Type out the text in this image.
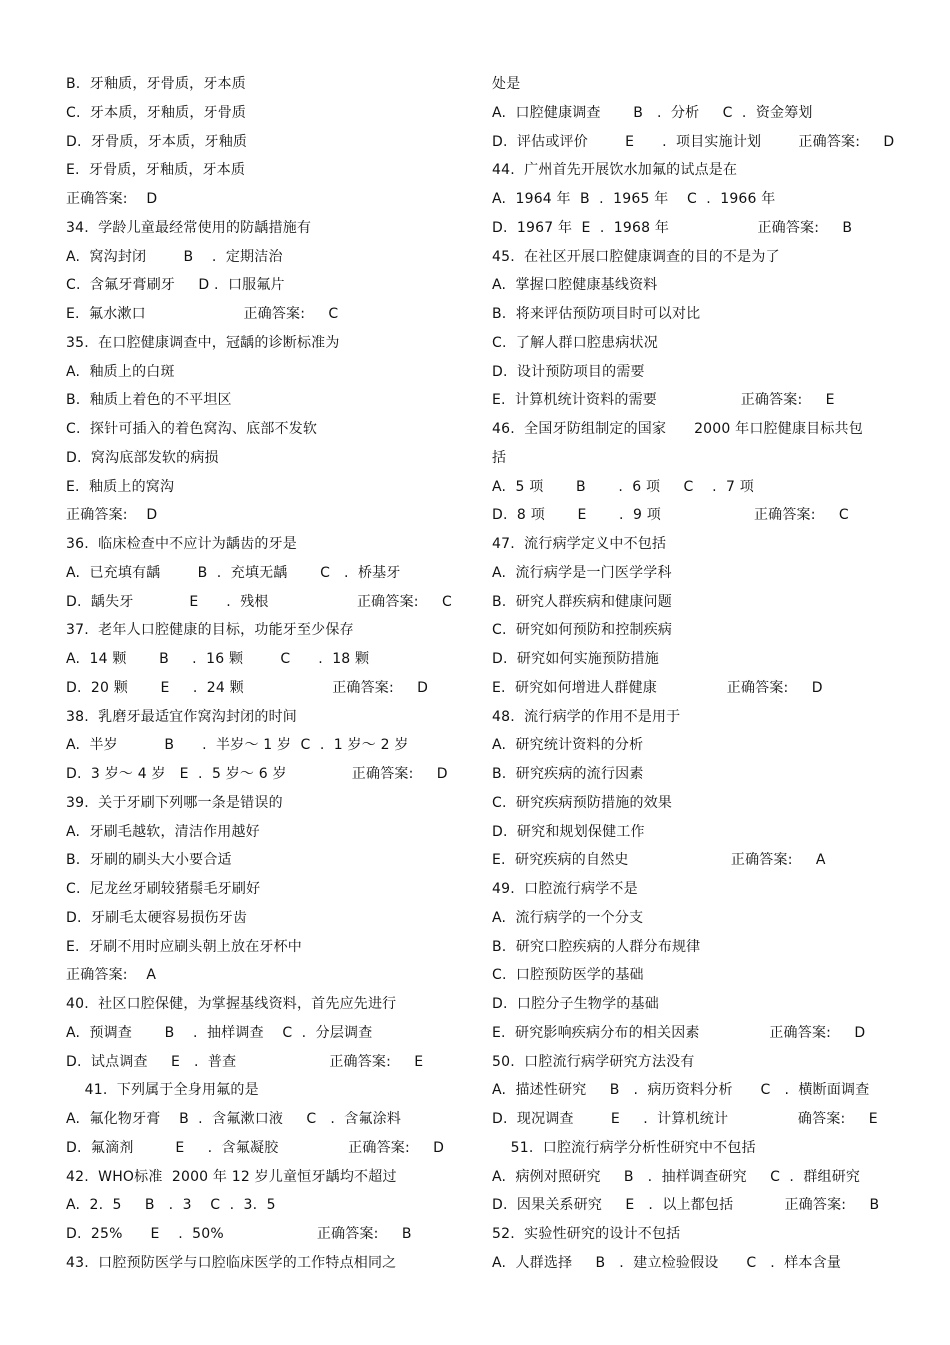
B.  牙釉质，牙骨质，牙本质
C.  牙本质，牙釉质，牙骨质
D.  牙骨质，牙本质，牙釉质
E.  牙骨质，牙釉质，牙本质
正确答案:    D
34.  学龄儿童最经常使用的防龋措施有
A.  窝沟封闭        B    .  定期洁治
C.  含氟牙膏刷牙     D .  口服氟片
E.  氟水漱口                     正确答案:     C
35.  在口腔健康调查中，冠龋的诊断标准为
A.  釉质上的白斑
B.  釉质上着色的不平坦区
C.  探针可插入的着色窝沟、底部不发软
D.  窝沟底部发软的病损
E.  釉质上的窝沟
正确答案:    D
36.  临床检查中不应计为龋齿的牙是
A.  已充填有龋        B  .  充填无龋       C   .  桥基牙
D.  龋失牙            E      .  残根                   正确答案:     C
37.  老年人口腔健康的目标，功能牙至少保存
A.  14 颗       B     .  16 颗        C      .  18 颗
D.  20 颗       E     .  24 颗                   正确答案:     D
38.  乳磨牙最适宜作窝沟封闭的时间
A.  半岁          B      .  半岁～ 1 岁  C  .  1 岁～ 2 岁
D.  3 岁～ 4 岁   E  .  5 岁～ 6 岁              正确答案:     D
39.  关于牙刷下列哪一条是错误的
A.  牙刷毛越软，清洁作用越好
B.  牙刷的刷头大小要合适
C.  尼龙丝牙刷较猪鬃毛牙刷好
D.  牙刷毛太硬容易损伤牙齿
E.  牙刷不用时应刷头朝上放在牙杯中
正确答案:    A
40.  社区口腔保健，为掌握基线资料，首先应先进行
A.  预调查       B    .  抽样调查    C  .  分层调查
D.  试点调查     E   .  普查                    正确答案:     E
41.  下列属于全身用氟的是
A.  氟化物牙膏    B  .  含氟漱口液     C   .  含氟涂料
D.  氟滴剂         E     .  含氟凝胶               正确答案:     D
42.  WHO标准  2000 年 12 岁儿童恒牙龋均不超过
A.  2.  5     B   .  3    C  .  3.  5
D.  25%      E    .  50%                    正确答案:     B
43.  口腔预防医学与口腔临床医学的工作特点相同之
处是
A.  口腔健康调查       B   .  分析     C  .  资金筹划
D.  评估或评价        E      .  项目实施计划        正确答案:     D
44.  广州首先开展饮水加氟的试点是在
A.  1964 年  B  .  1965 年    C  .  1966 年
D.  1967 年  E  .  1968 年                   正确答案:     B
45.  在社区开展口腔健康调查的目的不是为了
A.  掌握口腔健康基线资料
B.  将来评估预防项目时可以对比
C.  了解人群口腔患病状况
D.  设计预防项目的需要
E.  计算机统计资料的需要                  正确答案:     E
46.  全国牙防组制定的国家      2000 年口腔健康目标共包
括
A.  5 项       B       .  6 项     C    .  7 项
D.  8 项       E       .  9 项                    正确答案:     C
47.  流行病学定义中不包括
A.  流行病学是一门医学学科
B.  研究人群疾病和健康问题
C.  研究如何预防和控制疾病
D.  研究如何实施预防措施
E.  研究如何增进人群健康               正确答案:     D
48.  流行病学的作用不是用于
A.  研究统计资料的分析
B.  研究疾病的流行因素
C.  研究疾病预防措施的效果
D.  研究和规划保健工作
E.  研究疾病的自然史                      正确答案:     A
49.  口腔流行病学不是
A.  流行病学的一个分支
B.  研究口腔疾病的人群分布规律
C.  口腔预防医学的基础
D.  口腔分子生物学的基础
E.  研究影响疾病分布的相关因素               正确答案:     D
50.  口腔流行病学研究方法没有
A.  描述性研究     B   .  病历资料分析      C   .  横断面调查
D.  现况调查        E     .  计算机统计               确答案:     E
51.  口腔流行病学分析性研究中不包括
A.  病例对照研究     B   .  抽样调查研究     C  .  群组研究
D.  因果关系研究     E   .  以上都包括           正确答案:     B
52.  实验性研究的设计不包括
A.  人群选择     B   .  建立检验假设      C   .  样本含量
